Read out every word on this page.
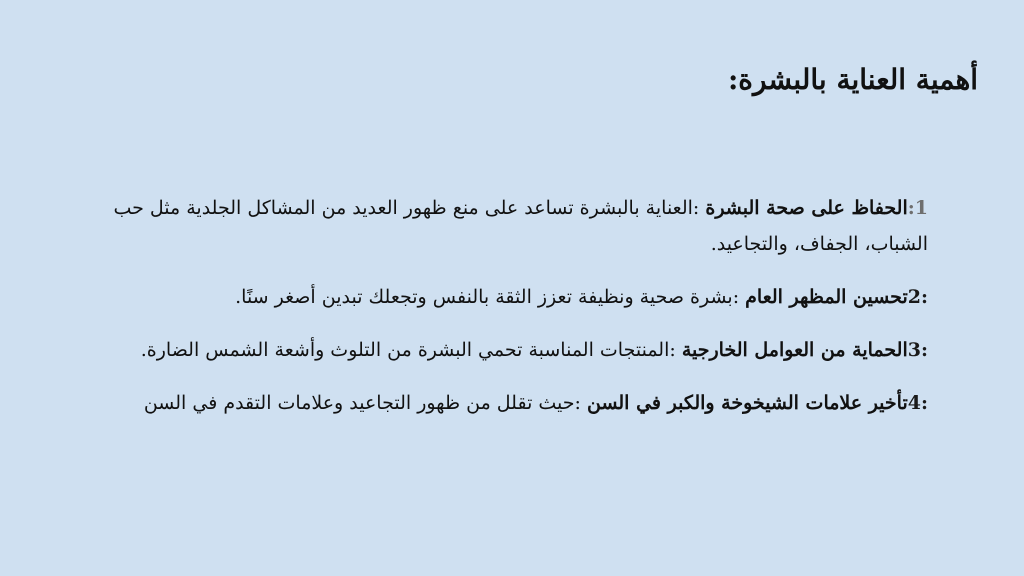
أهمية العناية بالبشرة:
1:الحفاظ على صحة البشرة :العناية بالبشرة تساعد على منع ظهور العديد من المشاكل الجلدية مثل حب الشباب، الجفاف، والتجاعيد.
:2تحسين المظهر العام :بشرة صحية ونظيفة تعزز الثقة بالنفس وتجعلك تبدين أصغر سنًا.
:3الحماية من العوامل الخارجية :المنتجات المناسبة تحمي البشرة من التلوث وأشعة الشمس الضارة.
:4تأخير علامات الشيخوخة والكبر في السن :حيث تقلل من ظهور التجاعيد وعلامات التقدم في السن
